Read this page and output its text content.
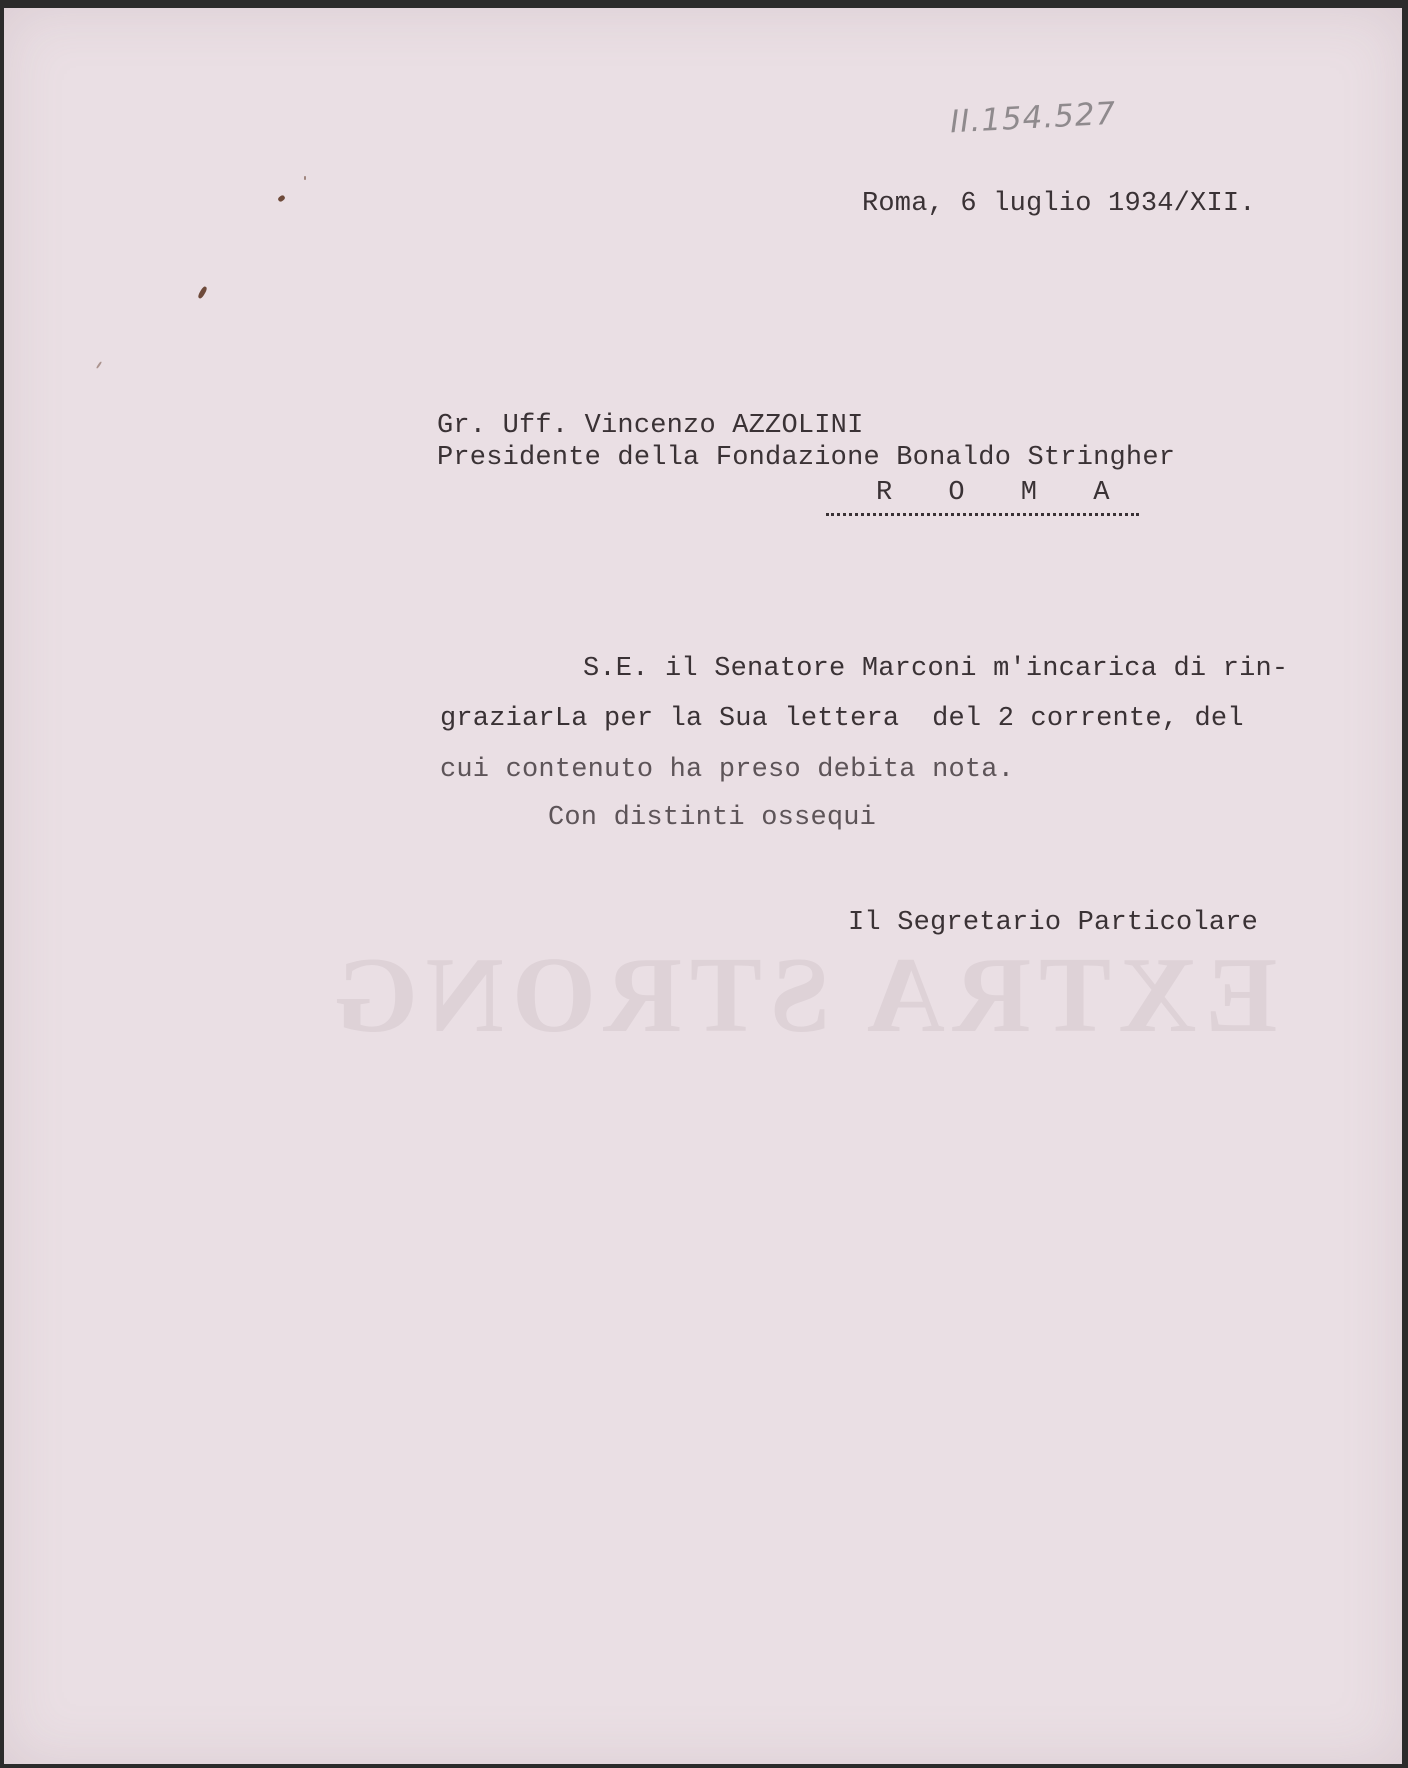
EXTRA STRONG
II.154.527
Roma, 6 luglio 1934/XII.
Gr. Uff. Vincenzo AZZOLINI
Presidente della Fondazione Bonaldo Stringher
R O M A
S.E. il Senatore Marconi m'incarica di rin-
graziarLa per la Sua lettera  del 2 corrente, del
cui contenuto ha preso debita nota.
Con distinti ossequi
Il Segretario Particolare
